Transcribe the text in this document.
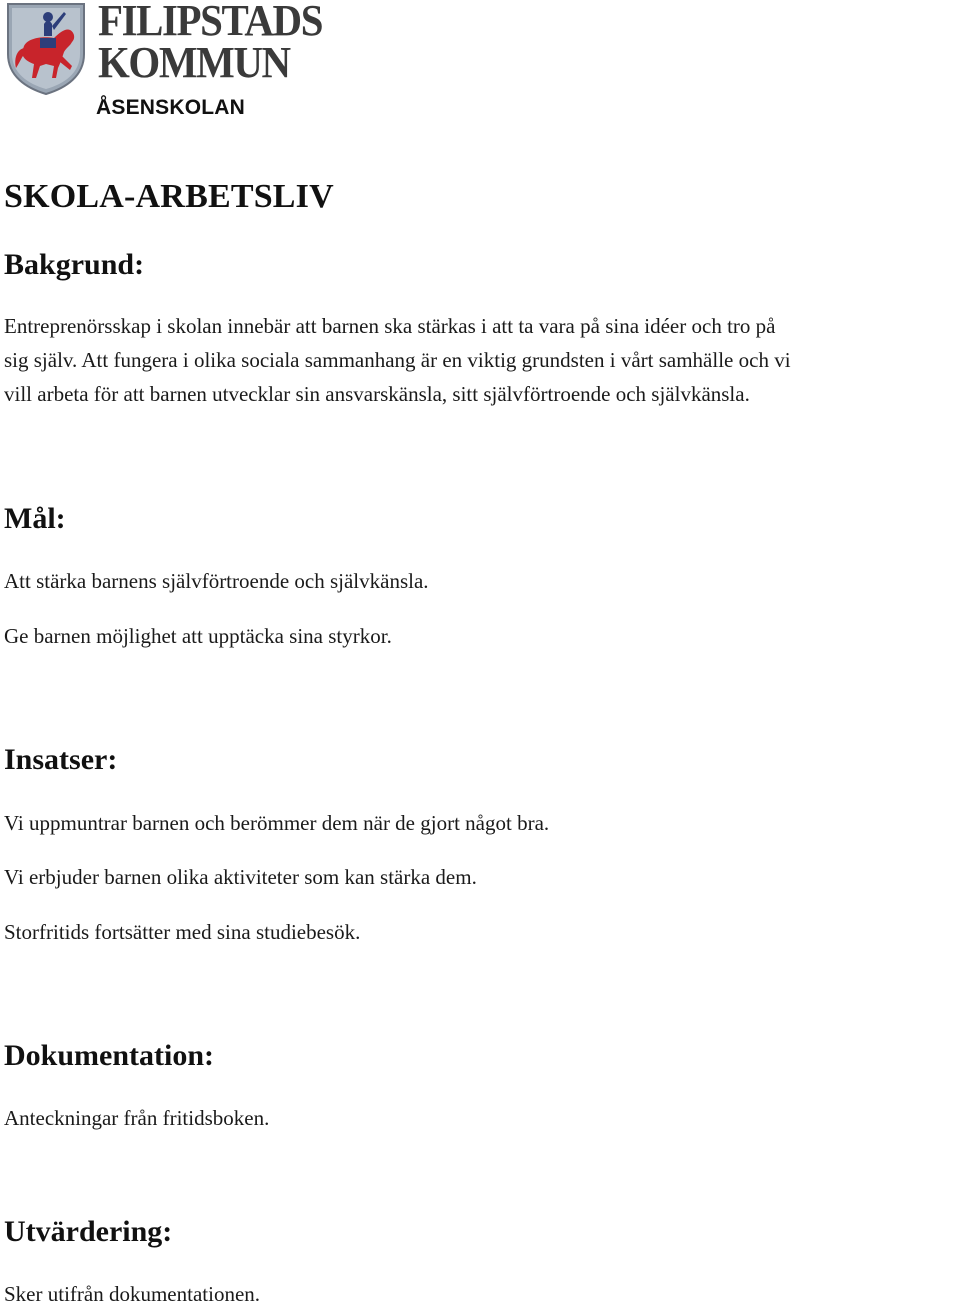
FILIPSTADS
KOMMUN
ÅSENSKOLAN
SKOLA-ARBETSLIV
Bakgrund:

Entreprenörsskap i skolan innebär att barnen ska stärkas i att ta vara på sina idéer och tro på

sig själv. Att fungera i olika sociala sammanhang är en viktig grundsten i vårt samhälle och vi

vill arbeta för att barnen utvecklar sin ansvarskänsla, sitt självförtroende och självkänsla.

Mål:

Att stärka barnens självförtroende och självkänsla.

Ge barnen möjlighet att upptäcka sina styrkor.

Insatser:

Vi uppmuntrar barnen och berömmer dem när de gjort något bra.

Vi erbjuder barnen olika aktiviteter som kan stärka dem.

Storfritids fortsätter med sina studiebesök.

Dokumentation:

Anteckningar från fritidsboken.

Utvärdering:

Sker utifrån dokumentationen.
